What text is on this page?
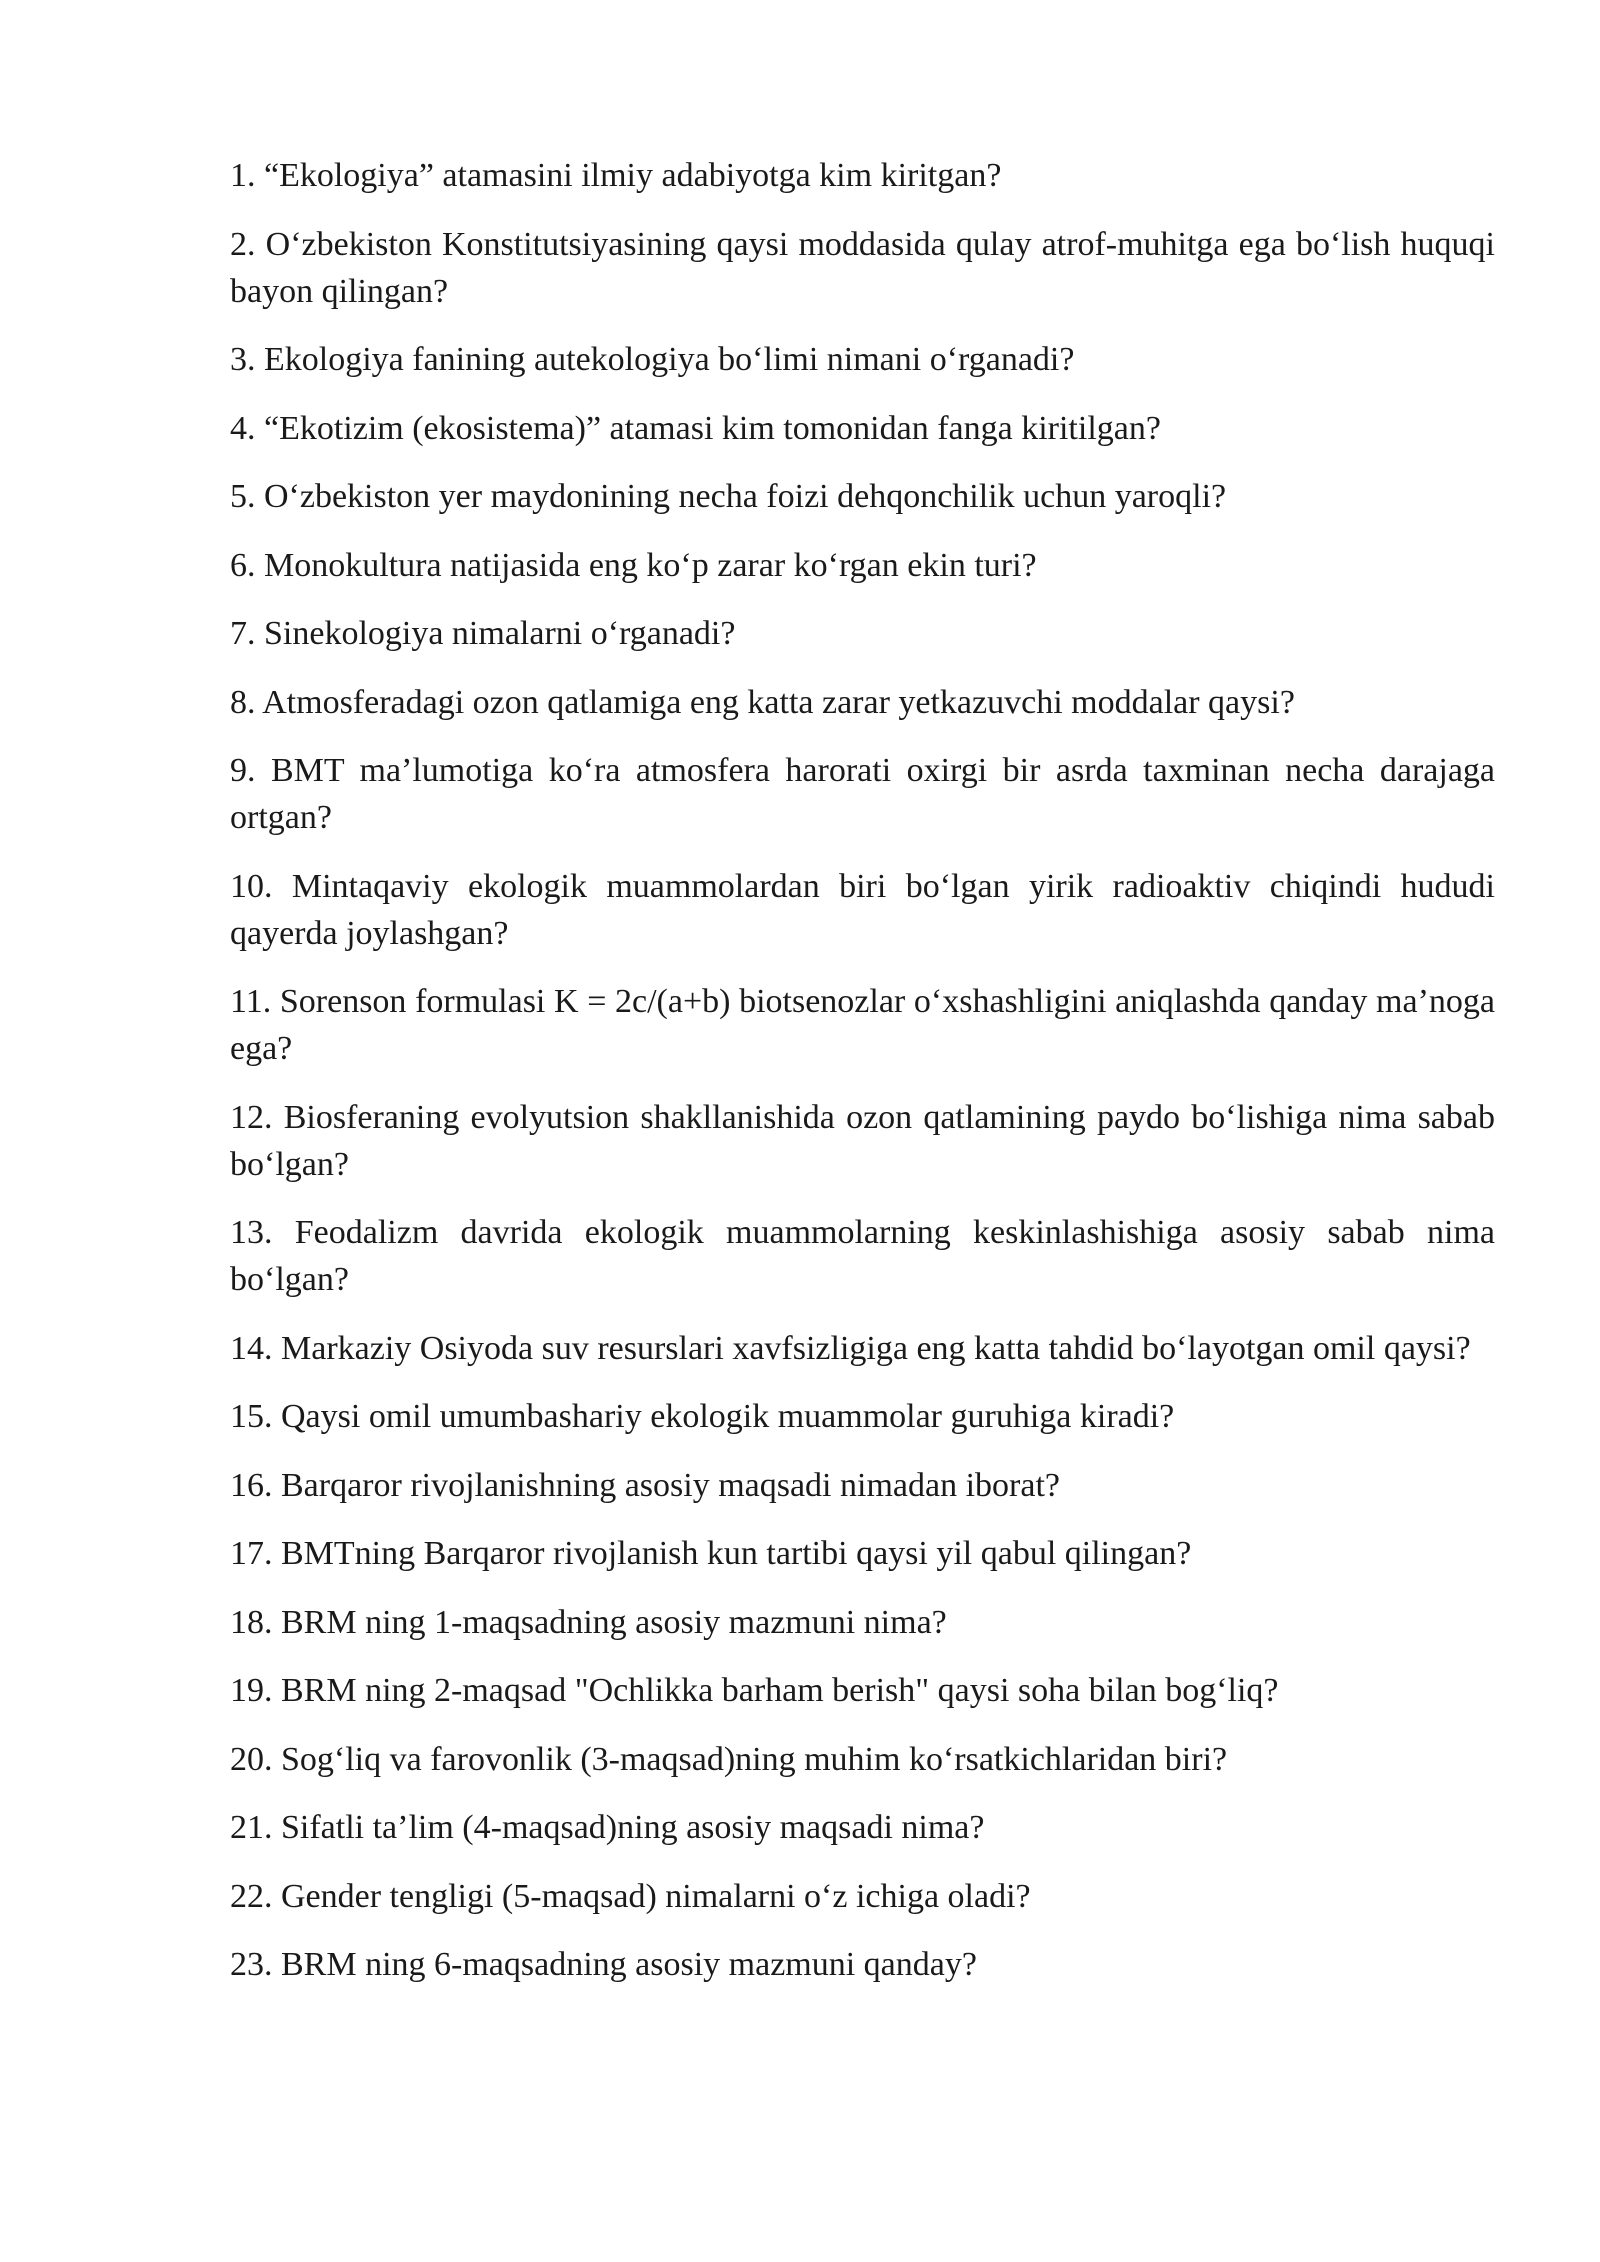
1. “Ekologiya” atamasini ilmiy adabiyotga kim kiritgan?
2. O‘zbekiston Konstitutsiyasining qaysi moddasida qulay atrof-muhitga ega bo‘lish huquqi bayon qilingan?
3. Ekologiya fanining autekologiya bo‘limi nimani o‘rganadi?
4. “Ekotizim (ekosistema)” atamasi kim tomonidan fanga kiritilgan?
5. O‘zbekiston yer maydonining necha foizi dehqonchilik uchun yaroqli?
6. Monokultura natijasida eng ko‘p zarar ko‘rgan ekin turi?
7. Sinekologiya nimalarni o‘rganadi?
8. Atmosferadagi ozon qatlamiga eng katta zarar yetkazuvchi moddalar qaysi?
9. BMT ma’lumotiga ko‘ra atmosfera harorati oxirgi bir asrda taxminan necha darajaga ortgan?
10. Mintaqaviy ekologik muammolardan biri bo‘lgan yirik radioaktiv chiqindi hududi qayerda joylashgan?
11. Sorenson formulasi K = 2c/(a+b) biotsenozlar o‘xshashligini aniqlashda qanday ma’noga ega?
12. Biosferaning evolyutsion shakllanishida ozon qatlamining paydo bo‘lishiga nima sabab bo‘lgan?
13. Feodalizm davrida ekologik muammolarning keskinlashishiga asosiy sabab nima bo‘lgan?
14. Markaziy Osiyoda suv resurslari xavfsizligiga eng katta tahdid bo‘layotgan omil qaysi?
15. Qaysi omil umumbashariy ekologik muammolar guruhiga kiradi?
16. Barqaror rivojlanishning asosiy maqsadi nimadan iborat?
17. BMTning Barqaror rivojlanish kun tartibi qaysi yil qabul qilingan?
18. BRM ning 1-maqsadning asosiy mazmuni nima?
19. BRM ning 2-maqsad "Ochlikka barham berish" qaysi soha bilan bog‘liq?
20. Sog‘liq va farovonlik (3-maqsad)ning muhim ko‘rsatkichlaridan biri?
21. Sifatli ta’lim (4-maqsad)ning asosiy maqsadi nima?
22. Gender tengligi (5-maqsad) nimalarni o‘z ichiga oladi?
23. BRM ning 6-maqsadning asosiy mazmuni qanday?
